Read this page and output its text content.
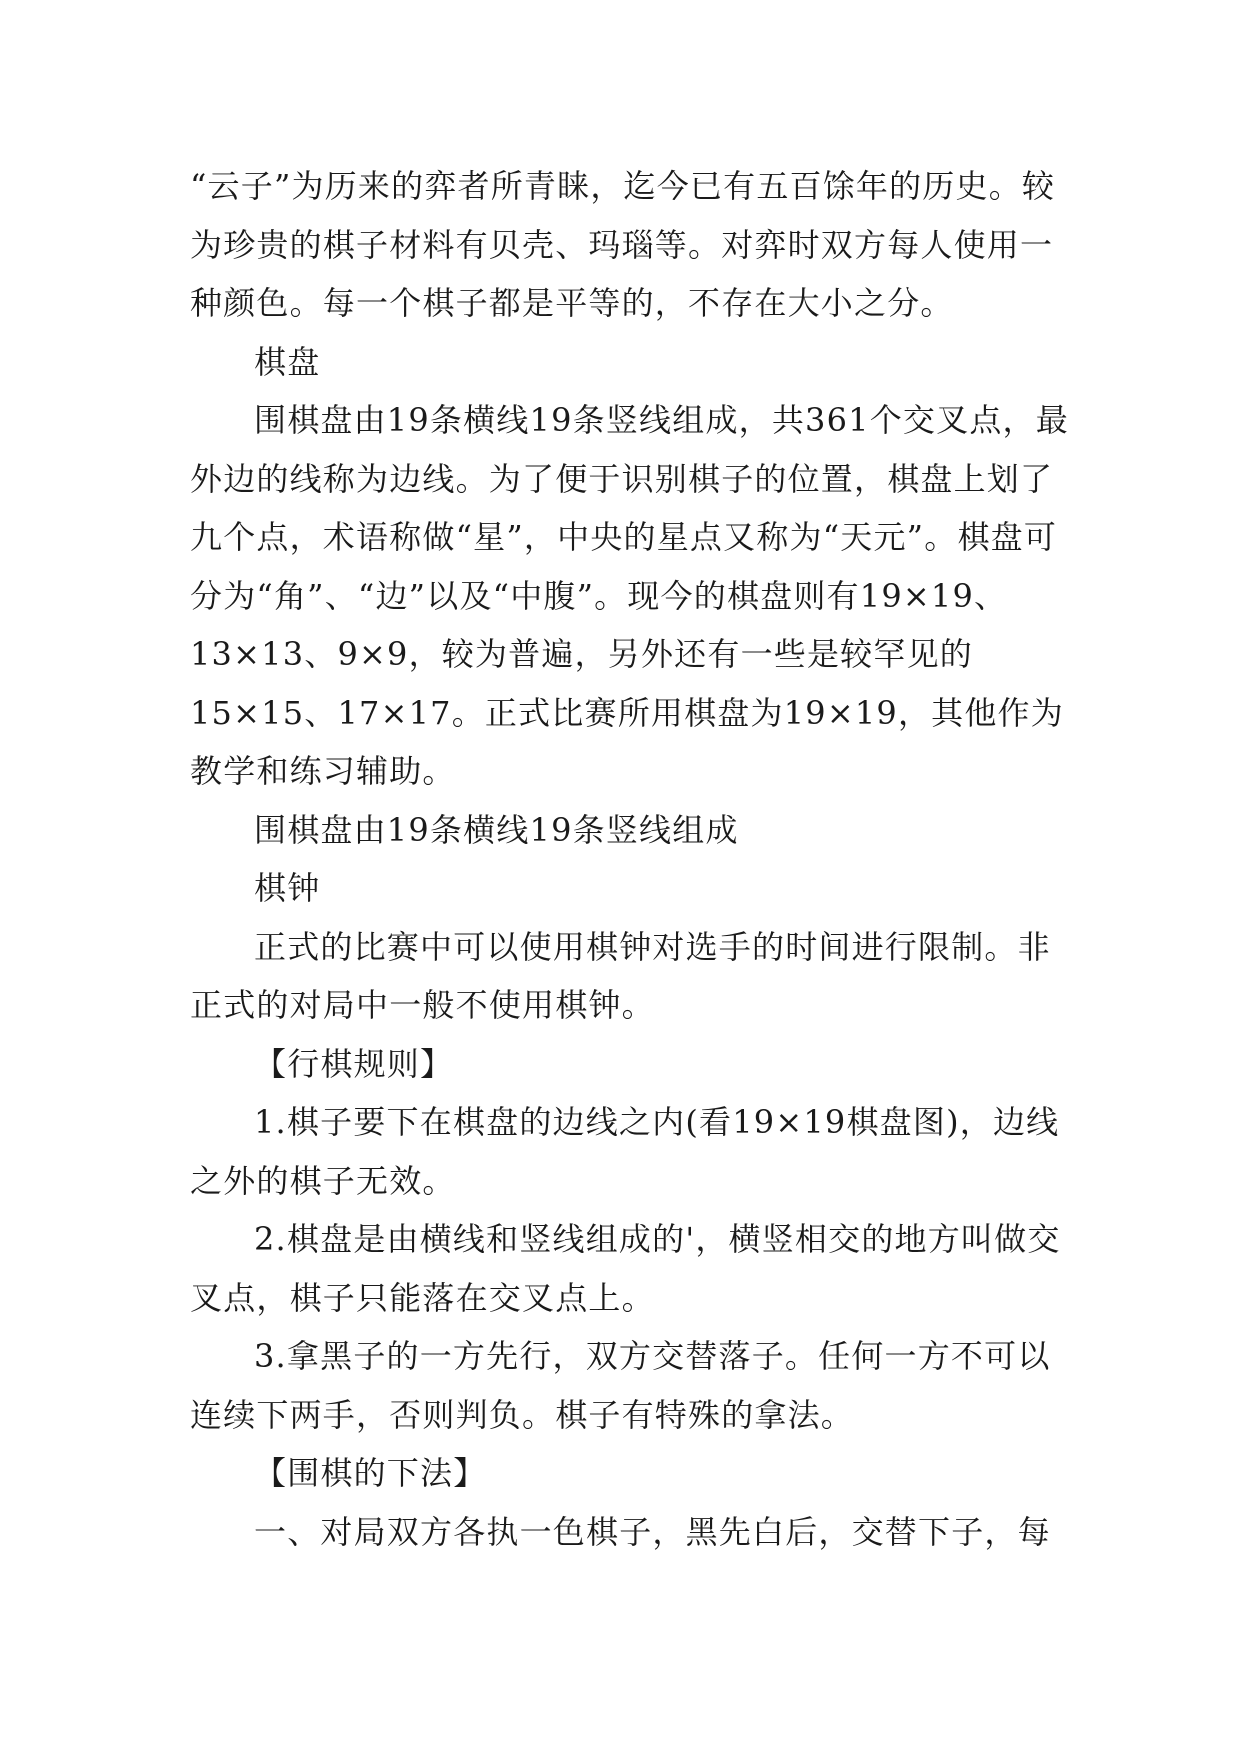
“云子”为历来的弈者所青睐，迄今已有五百馀年的历史。较为珍贵的棋子材料有贝壳、玛瑙等。对弈时双方每人使用一种颜色。每一个棋子都是平等的，不存在大小之分。

棋盘

围棋盘由19条横线19条竖线组成，共361个交叉点，最外边的线称为边线。为了便于识别棋子的位置，棋盘上划了九个点，术语称做“星”，中央的星点又称为“天元”。棋盘可分为“角”、“边”以及“中腹”。现今的棋盘则有19×19、13×13、9×9，较为普遍，另外还有一些是较罕见的15×15、17×17。正式比赛所用棋盘为19×19，其他作为教学和练习辅助。

围棋盘由19条横线19条竖线组成

棋钟

正式的比赛中可以使用棋钟对选手的时间进行限制。非正式的对局中一般不使用棋钟。

【行棋规则】

1.棋子要下在棋盘的边线之内(看19×19棋盘图)，边线之外的棋子无效。

2.棋盘是由横线和竖线组成的'，横竖相交的地方叫做交叉点，棋子只能落在交叉点上。

3.拿黑子的一方先行，双方交替落子。任何一方不可以连续下两手，否则判负。棋子有特殊的拿法。

【围棋的下法】

一、对局双方各执一色棋子，黑先白后，交替下子，每
